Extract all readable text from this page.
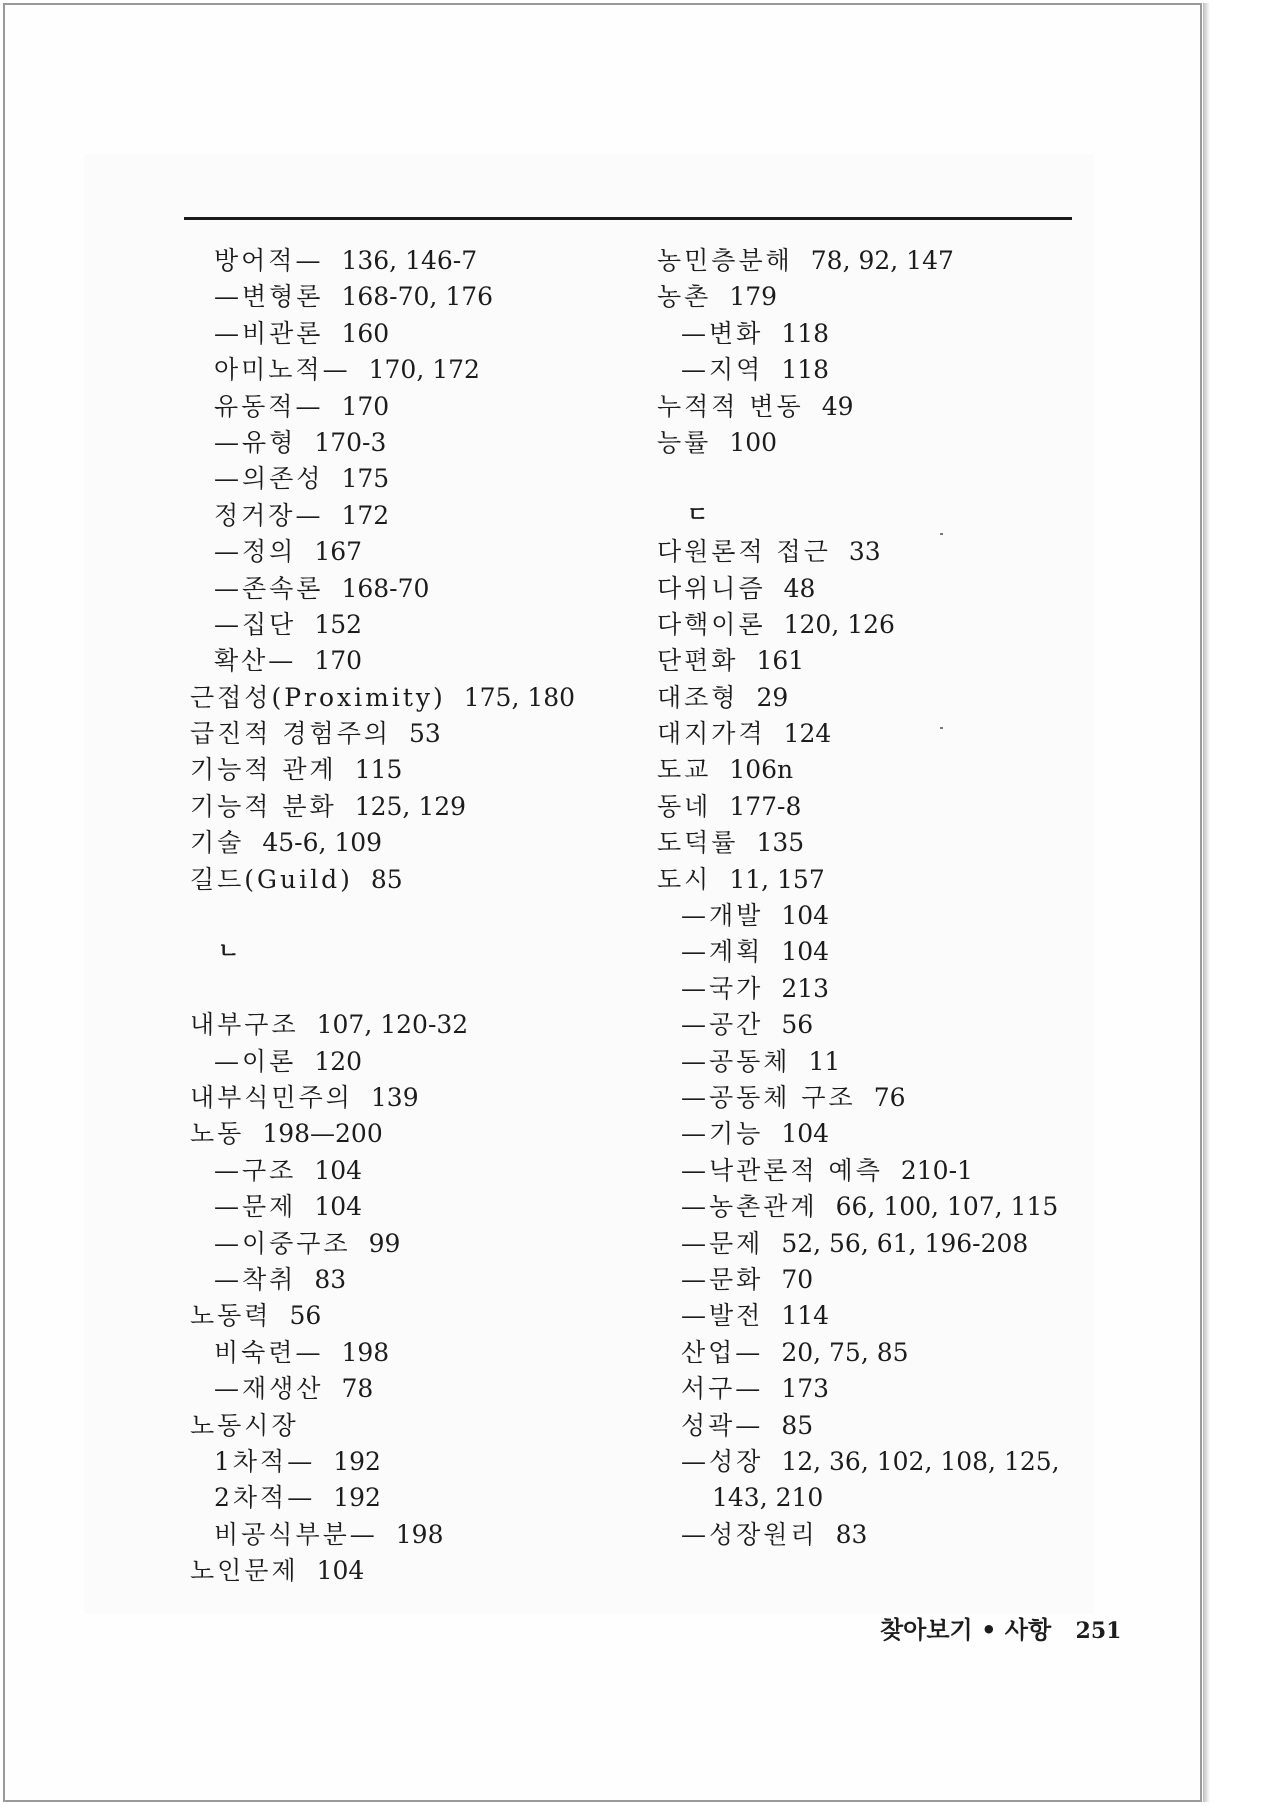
방어적— 136, 146-7
—변형론 168-70, 176
—비관론 160
아미노적— 170, 172
유동적— 170
—유형 170-3
—의존성 175
정거장— 172
—정의 167
—존속론 168-70
—집단 152
확산— 170
근접성(Proximity) 175, 180
급진적 경험주의 53
기능적 관계 115
기능적 분화 125, 129
기술 45-6, 109
길드(Guild) 85
ㄴ
내부구조 107, 120-32
—이론 120
내부식민주의 139
노동 198—200
—구조 104
—문제 104
—이중구조 99
—착취 83
노동력 56
비숙련— 198
—재생산 78
노동시장
1차적— 192
2차적— 192
비공식부분— 198
노인문제 104
농민층분해 78, 92, 147
농촌 179
—변화 118
—지역 118
누적적 변동 49
능률 100
ㄷ
다원론적 접근 33
다위니즘 48
다핵이론 120, 126
단편화 161
대조형 29
대지가격 124
도교 106n
동네 177-8
도덕률 135
도시 11, 157
—개발 104
—계획 104
—국가 213
—공간 56
—공동체 11
—공동체 구조 76
—기능 104
—낙관론적 예측 210-1
—농촌관계 66, 100, 107, 115
—문제 52, 56, 61, 196-208
—문화 70
—발전 114
산업— 20, 75, 85
서구— 173
성곽— 85
—성장 12, 36, 102, 108, 125,
143, 210
—성장원리 83
찾아보기 • 사항 251
